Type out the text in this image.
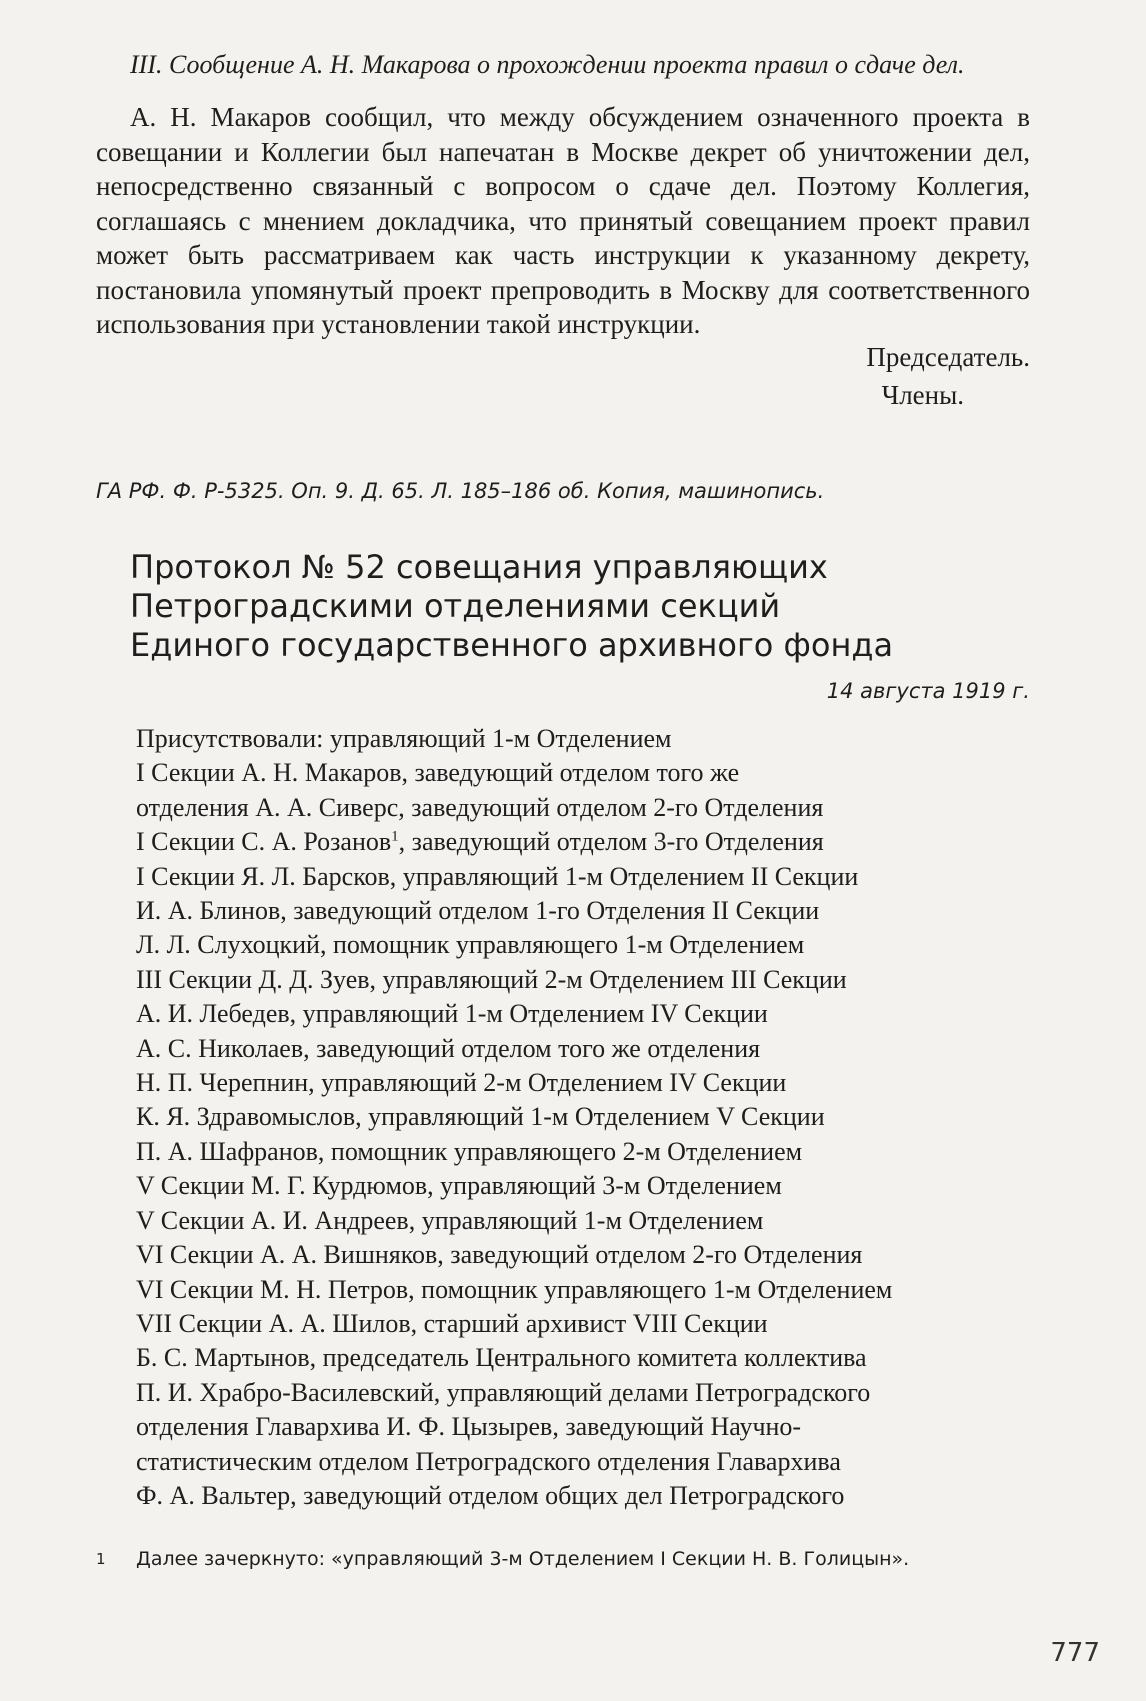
III. Сообщение А. Н. Макарова о прохождении проекта правил о сдаче дел.
А. Н. Макаров сообщил, что между обсуждением означенного проекта в совещании и Коллегии был напечатан в Москве декрет об уничтожении дел, непосредственно связанный с вопросом о сдаче дел. Поэтому Коллегия, соглашаясь с мнением докладчика, что принятый совещанием проект правил может быть рассматриваем как часть инструкции к указанному декрету, постановила упомянутый проект препроводить в Москву для соответственного использования при установлении такой инструкции.
Председатель.
Члены.
ГА РФ. Ф. Р-5325. Оп. 9. Д. 65. Л. 185–186 об. Копия, машинопись.
Протокол № 52 совещания управляющих
Петроградскими отделениями секций
Единого государственного архивного фонда
14 августа 1919 г.
Присутствовали: управляющий 1-м Отделением
I Секции А. Н. Макаров, заведующий отделом того же
отделения А. А. Сиверс, заведующий отделом 2-го Отделения
I Секции С. А. Розанов$^1$, заведующий отделом 3-го Отделения
I Секции Я. Л. Барсков, управляющий 1-м Отделением II Секции
И. А. Блинов, заведующий отделом 1-го Отделения II Секции
Л. Л. Слухоцкий, помощник управляющего 1-м Отделением
III Секции Д. Д. Зуев, управляющий 2-м Отделением III Секции
А. И. Лебедев, управляющий 1-м Отделением IV Секции
А. С. Николаев, заведующий отделом того же отделения
Н. П. Черепнин, управляющий 2-м Отделением IV Секции
К. Я. Здравомыслов, управляющий 1-м Отделением V Секции
П. А. Шафранов, помощник управляющего 2-м Отделением
V Секции М. Г. Курдюмов, управляющий 3-м Отделением
V Секции А. И. Андреев, управляющий 1-м Отделением
VI Секции А. А. Вишняков, заведующий отделом 2-го Отделения
VI Секции М. Н. Петров, помощник управляющего 1-м Отделением
VII Секции А. А. Шилов, старший архивист VIII Секции
Б. С. Мартынов, председатель Центрального комитета коллектива
П. И. Храбро-Василевский, управляющий делами Петроградского
отделения Главархива И. Ф. Цызырев, заведующий Научно-
статистическим отделом Петроградского отделения Главархива
Ф. А. Вальтер, заведующий отделом общих дел Петроградского
1 Далее зачеркнуто: «управляющий 3-м Отделением I Секции Н. В. Голицын».
777
